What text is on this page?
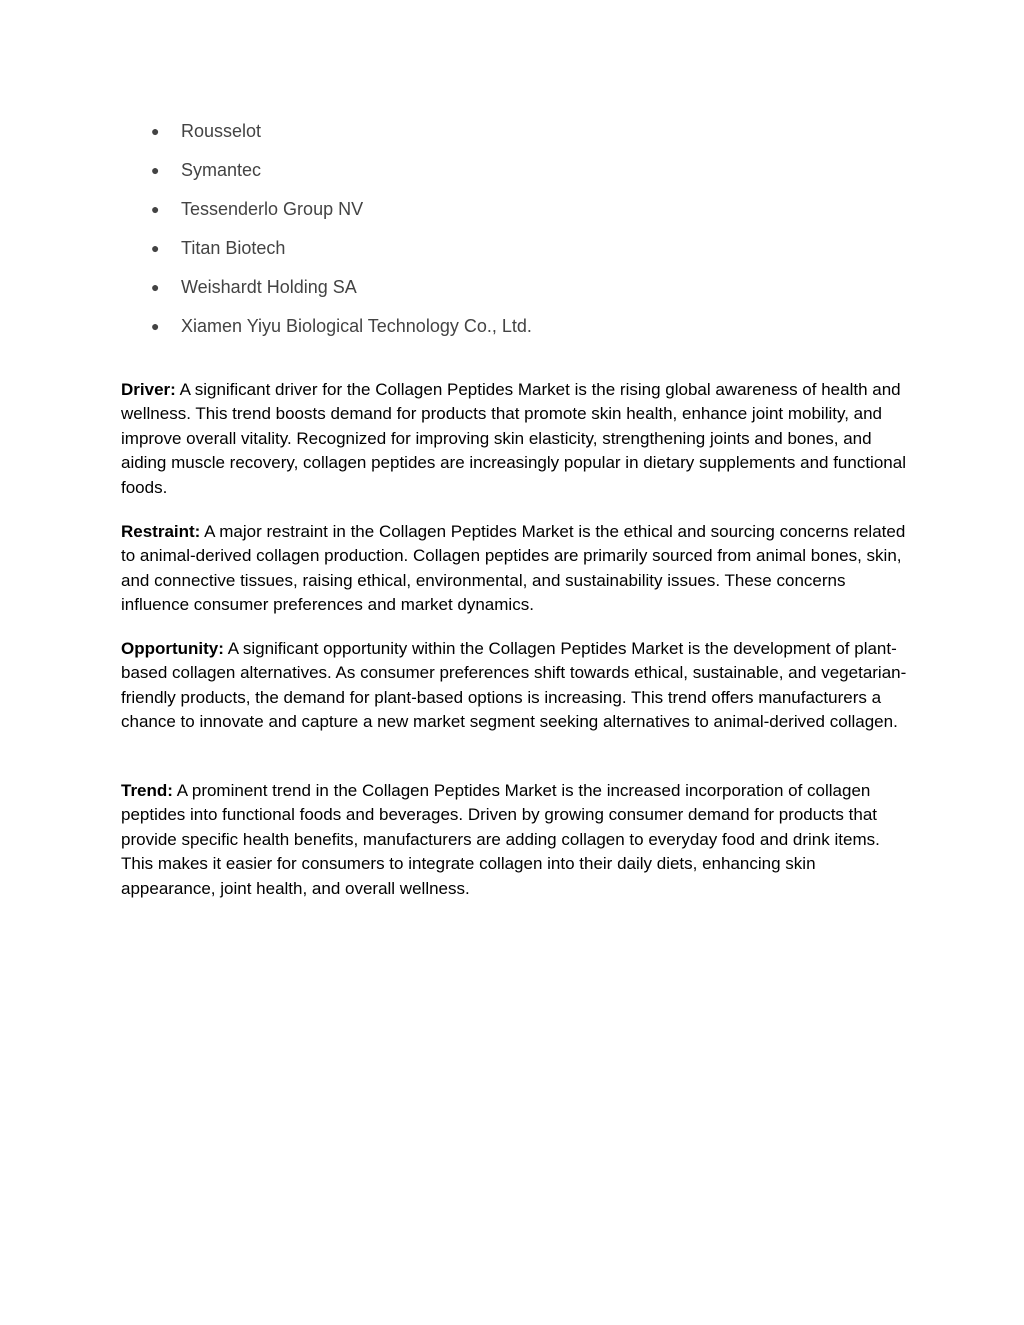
● Rousselot
● Symantec
● Tessenderlo Group NV
● Titan Biotech
● Weishardt Holding SA
● Xiamen Yiyu Biological Technology Co., Ltd.

Driver: A significant driver for the Collagen Peptides Market is the rising global awareness of health and wellness. This trend boosts demand for products that promote skin health, enhance joint mobility, and improve overall vitality. Recognized for improving skin elasticity, strengthening joints and bones, and aiding muscle recovery, collagen peptides are increasingly popular in dietary supplements and functional foods.

Restraint: A major restraint in the Collagen Peptides Market is the ethical and sourcing concerns related to animal-derived collagen production. Collagen peptides are primarily sourced from animal bones, skin, and connective tissues, raising ethical, environmental, and sustainability issues. These concerns influence consumer preferences and market dynamics.

Opportunity: A significant opportunity within the Collagen Peptides Market is the development of plant-based collagen alternatives. As consumer preferences shift towards ethical, sustainable, and vegetarian-friendly products, the demand for plant-based options is increasing. This trend offers manufacturers a chance to innovate and capture a new market segment seeking alternatives to animal-derived collagen.

Trend: A prominent trend in the Collagen Peptides Market is the increased incorporation of collagen peptides into functional foods and beverages. Driven by growing consumer demand for products that provide specific health benefits, manufacturers are adding collagen to everyday food and drink items. This makes it easier for consumers to integrate collagen into their daily diets, enhancing skin appearance, joint health, and overall wellness.
